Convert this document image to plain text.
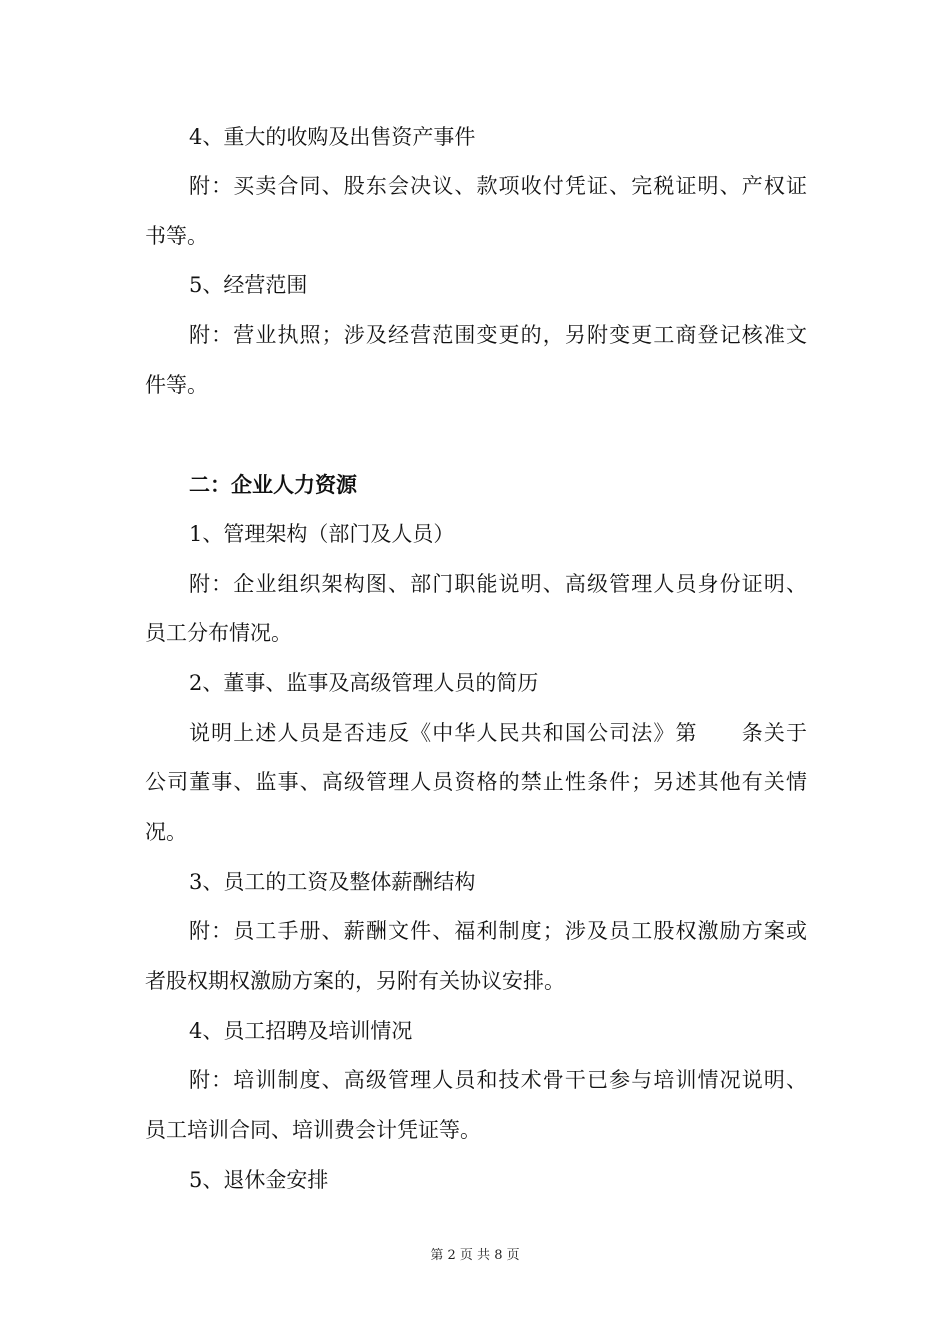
4、重大的收购及出售资产事件
附：买卖合同、股东会决议、款项收付凭证、完税证明、产权证
书等。
5、经营范围
附：营业执照；涉及经营范围变更的，另附变更工商登记核准文
件等。
二：企业人力资源
1、管理架构（部门及人员）
附：企业组织架构图、部门职能说明、高级管理人员身份证明、
员工分布情况。
2、董事、监事及高级管理人员的简历
说明上述人员是否违反《中华人民共和国公司法》第　　条关于
公司董事、监事、高级管理人员资格的禁止性条件；另述其他有关情
况。
3、员工的工资及整体薪酬结构
附：员工手册、薪酬文件、福利制度；涉及员工股权激励方案或
者股权期权激励方案的，另附有关协议安排。
4、员工招聘及培训情况
附：培训制度、高级管理人员和技术骨干已参与培训情况说明、
员工培训合同、培训费会计凭证等。
5、退休金安排
第 2 页 共 8 页
